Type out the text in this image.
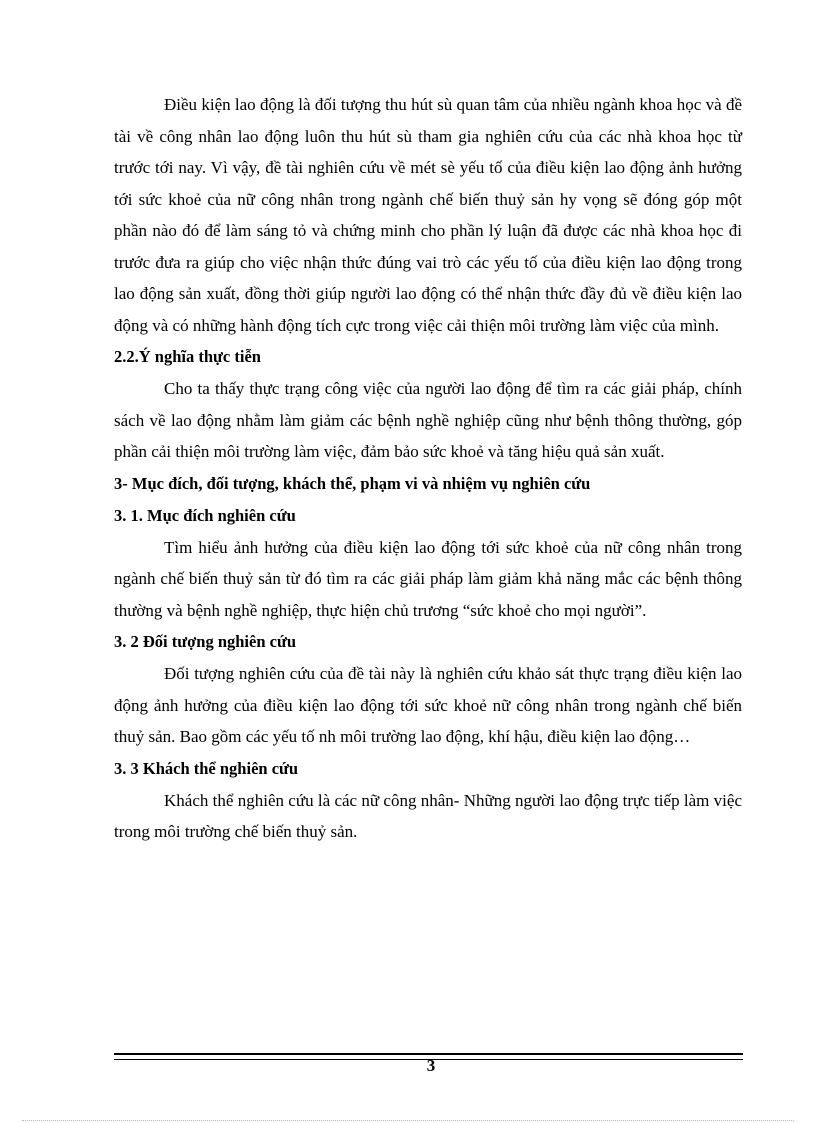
Điều kiện lao động là đối tượng thu hút sù quan tâm của nhiều ngành khoa học và đề tài về công nhân lao động luôn thu hút sù tham gia nghiên cứu của các nhà khoa học từ trước tới nay. Vì vậy, đề tài nghiên cứu về mét sè yếu tố của điều kiện lao động ảnh hưởng tới sức khoẻ của nữ công nhân trong ngành chế biến thuỷ sản hy vọng sẽ đóng góp một phần nào đó để làm sáng tỏ và chứng minh cho phần lý luận đã được các nhà khoa học đi trước đưa ra giúp cho việc nhận thức đúng vai trò các yếu tố của điều kiện lao động trong lao động sản xuất, đồng thời giúp người lao động có thể nhận thức đầy đủ về điều kiện lao động và có những hành động tích cực trong việc cải thiện môi trường làm việc của mình.

2.2.Ý nghĩa thực tiễn

Cho ta thấy thực trạng công việc của người lao động để tìm ra các giải pháp, chính sách về lao động nhằm làm giảm các bệnh nghề nghiệp cũng như bệnh thông thường, góp phần cải thiện môi trường làm việc, đảm bảo sức khoẻ và tăng hiệu quả sản xuất.

3- Mục đích, đối tượng, khách thể, phạm vi và nhiệm vụ nghiên cứu
3. 1. Mục đích nghiên cứu

Tìm hiểu ảnh hưởng của điều kiện lao động tới sức khoẻ của nữ công nhân trong ngành chế biến thuỷ sản từ đó tìm ra các giải pháp làm giảm khả năng mắc các bệnh thông thường và bệnh nghề nghiệp, thực hiện chủ trương “sức khoẻ cho mọi người”.

3. 2 Đối tượng nghiên cứu

Đối tượng nghiên cứu của đề tài này là nghiên cứu khảo sát thực trạng điều kiện lao động ảnh hưởng của điều kiện lao động tới sức khoẻ nữ công nhân trong ngành chế biến thuỷ sản. Bao gồm các yếu tố nh môi trường lao động, khí hậu, điều kiện lao động…

3. 3 Khách thể nghiên cứu

Khách thể nghiên cứu là các nữ công nhân- Những người lao động trực tiếp làm việc trong môi trường chế biến thuỷ sản.

3
